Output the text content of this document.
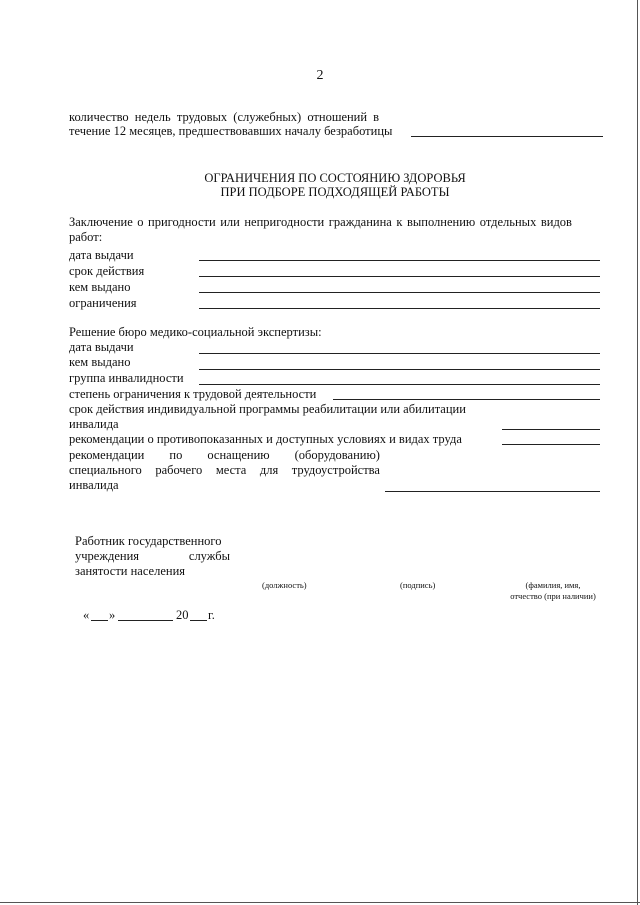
2
количество недель трудовых (служебных) отношений в
течение 12 месяцев, предшествовавших началу безработицы
ОГРАНИЧЕНИЯ ПО СОСТОЯНИЮ ЗДОРОВЬЯ
ПРИ ПОДБОРЕ ПОДХОДЯЩЕЙ РАБОТЫ
Заключение о пригодности или непригодности гражданина к выполнению отдельных видов
работ:
дата выдачи
срок действия
кем выдано
ограничения
Решение бюро медико-социальной экспертизы:
дата выдачи
кем выдано
группа инвалидности
степень ограничения к трудовой деятельности
срок действия индивидуальной программы реабилитации или абилитации
инвалида
рекомендации о противопоказанных и доступных условиях и видах труда
рекомендации по оснащению (оборудованию)
специального рабочего места для трудоустройства
инвалида
Работник государственного
учреждения	службы
занятости населения
(должность)	(подпись)	(фамилия, имя,
отчество (при наличии)
« »	20 г.
